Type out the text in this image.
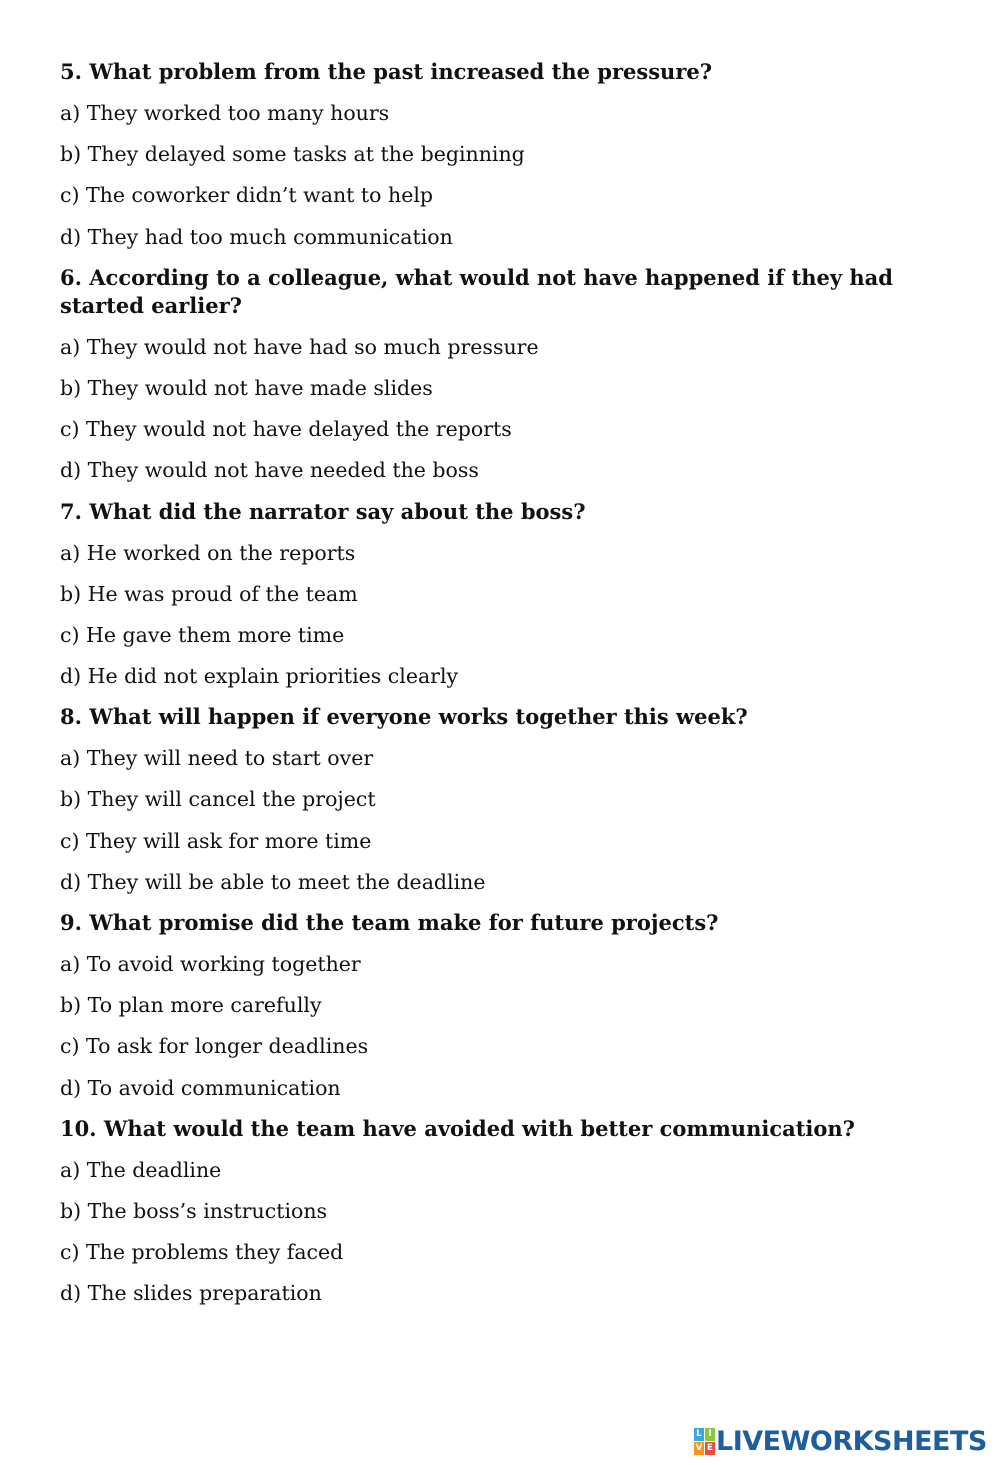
5. What problem from the past increased the pressure?

a) They worked too many hours

b) They delayed some tasks at the beginning

c) The coworker didn’t want to help

d) They had too much communication

6. According to a colleague, what would not have happened if they had started earlier?

a) They would not have had so much pressure

b) They would not have made slides

c) They would not have delayed the reports

d) They would not have needed the boss

7. What did the narrator say about the boss?

a) He worked on the reports

b) He was proud of the team

c) He gave them more time

d) He did not explain priorities clearly

8. What will happen if everyone works together this week?

a) They will need to start over

b) They will cancel the project

c) They will ask for more time

d) They will be able to meet the deadline

9. What promise did the team make for future projects?

a) To avoid working together

b) To plan more carefully

c) To ask for longer deadlines

d) To avoid communication

10. What would the team have avoided with better communication?

a) The deadline

b) The boss’s instructions

c) The problems they faced

d) The slides preparation

L I
V E LIVEWORKSHEETS
